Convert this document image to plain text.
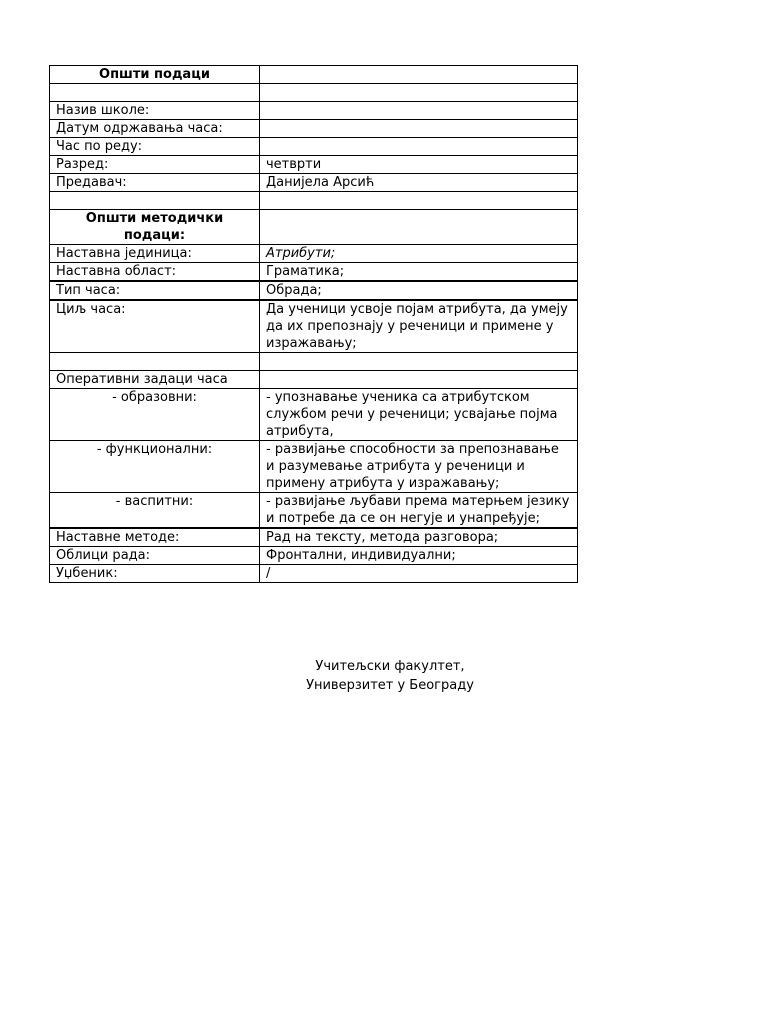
Општи подаци	

Назив школе:	
Датум одржавања часа:	
Час по реду:	
Разред:	четврти
Предавач:	Данијела Арсић

Општи методички подаци:	
Наставна јединица:	Атрибути;
Наставна област:	Граматика;
Тип часа:	Обрада;
Циљ часа:	Да ученици усвоје појам атрибута, да умеју да их препознају у реченици и примене у изражавању;

Оперативни задаци часа	
- образовни:	- упознавање ученика са атрибутском службом речи у реченици; усвајање појма атрибута,
- функционални:	- развијање способности за препознавање и разумевање атрибута у реченици и примену атрибута у изражавању;
- васпитни:	- развијање љубави према матерњем језику и потребе да се он негује и унапређује;
Наставне методе:	Рад на тексту, метода разговора;
Облици рада:	Фронтални, индивидуални;
Уџбеник:	/
Учитељски факултет,
Универзитет у Београду
